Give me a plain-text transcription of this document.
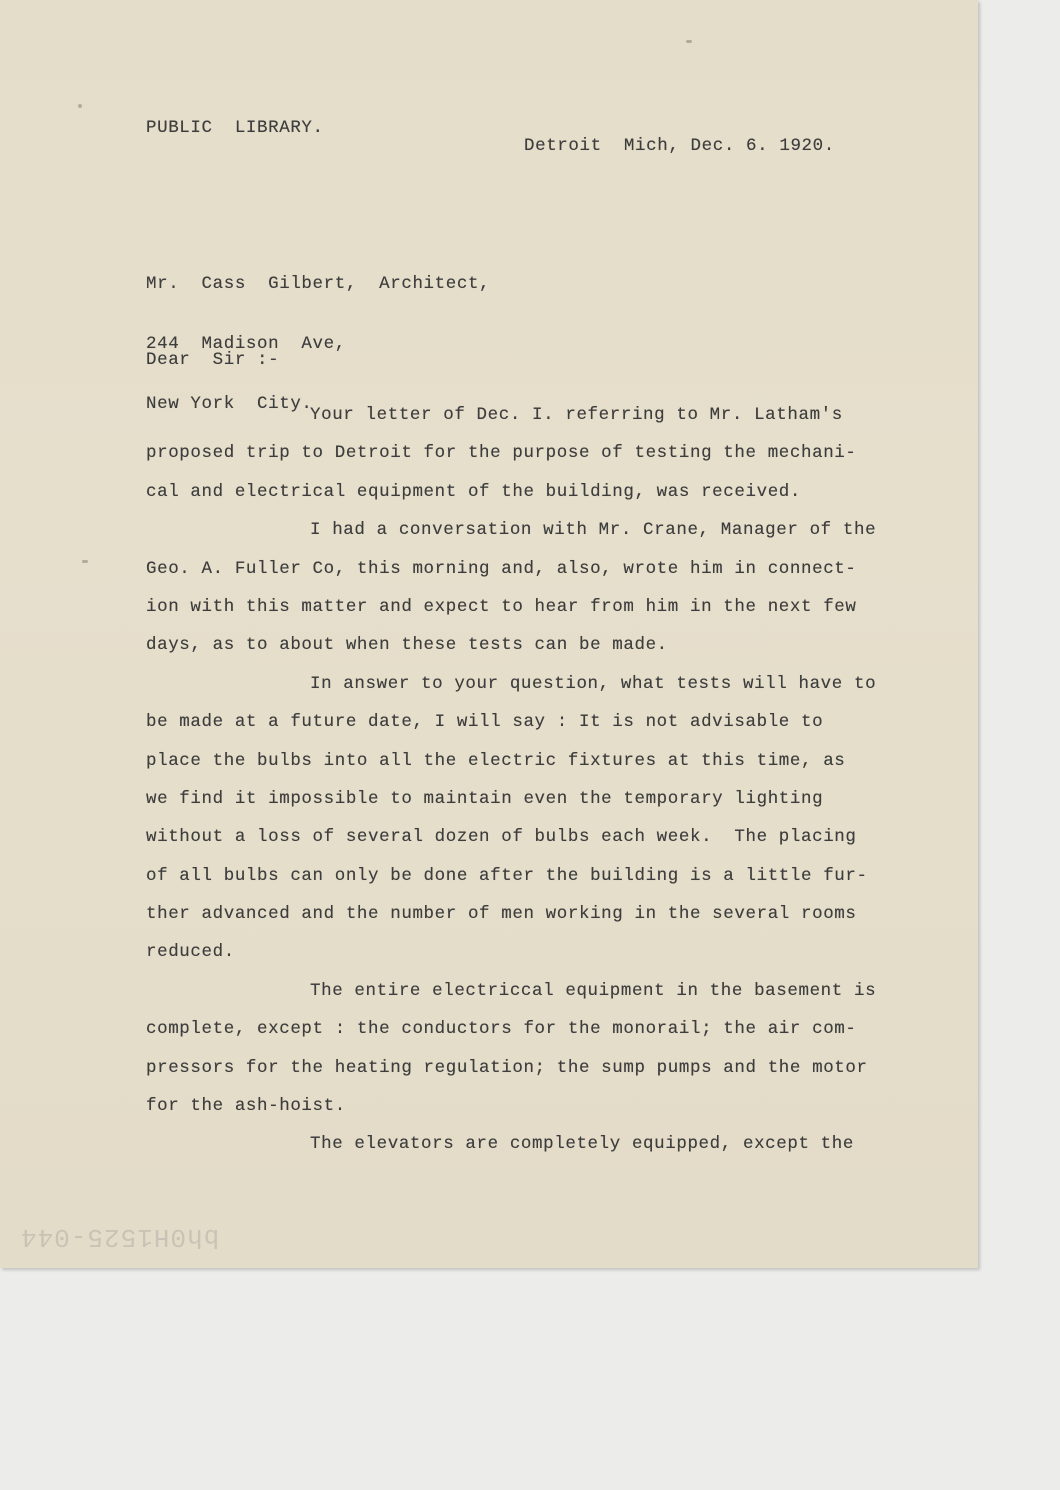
PUBLIC  LIBRARY.
Detroit  Mich, Dec. 6. 1920.

Mr.  Cass  Gilbert,  Architect,

244  Madison  Ave,

New York  City.

Dear  Sir :-
Your letter of Dec. I. referring to Mr. Latham's
proposed trip to Detroit for the purpose of testing the mechani-
cal and electrical equipment of the building, was received.
I had a conversation with Mr. Crane, Manager of the
Geo. A. Fuller Co, this morning and, also, wrote him in connect-
ion with this matter and expect to hear from him in the next few
days, as to about when these tests can be made.
In answer to your question, what tests will have to
be made at a future date, I will say : It is not advisable to
place the bulbs into all the electric fixtures at this time, as
we find it impossible to maintain even the temporary lighting
without a loss of several dozen of bulbs each week.  The placing
of all bulbs can only be done after the building is a little fur-
ther advanced and the number of men working in the several rooms
reduced.
The entire electriccal equipment in the basement is
complete, except : the conductors for the monorail; the air com-
pressors for the heating regulation; the sump pumps and the motor
for the ash-hoist.
The elevators are completely equipped, except the
bh0H1525-044
